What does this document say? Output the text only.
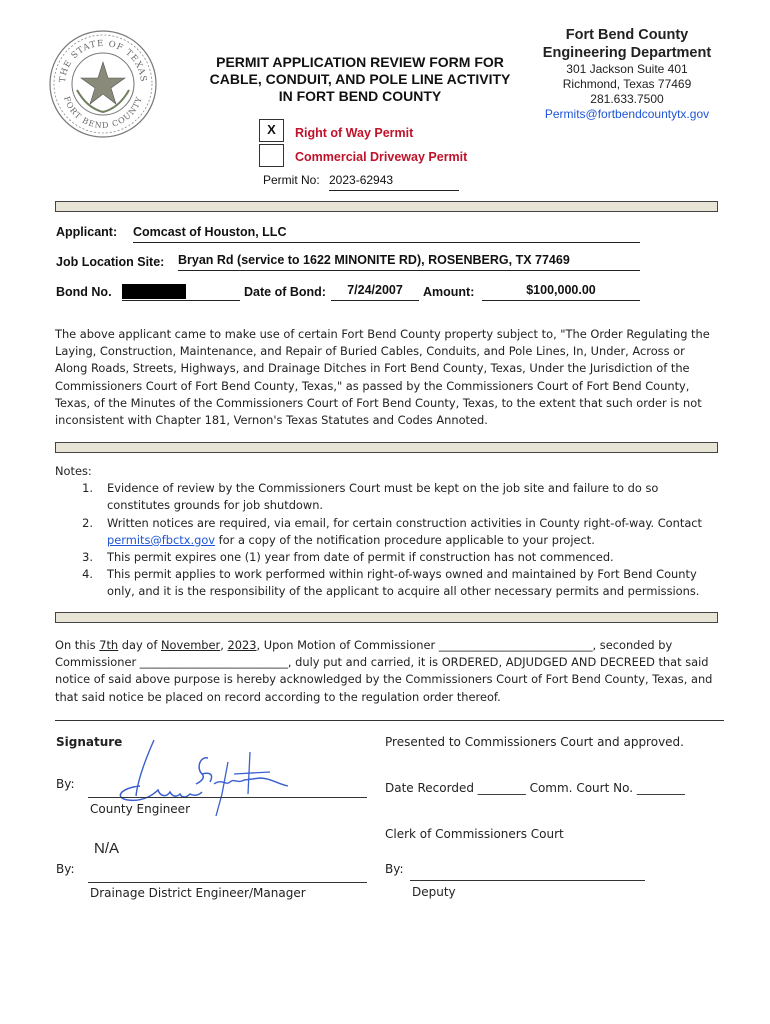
THE STATE OF TEXAS
FORT BEND COUNTY
PERMIT APPLICATION REVIEW FORM FOR
CABLE, CONDUIT, AND POLE LINE ACTIVITY
IN FORT BEND COUNTY
Fort Bend County
Engineering Department
301 Jackson Suite 401
Richmond, Texas 77469
281.633.7500
Permits@fortbendcountytx.gov
X	Right of Way Permit
Commercial Driveway Permit
Permit No: 2023-62943
Applicant: Comcast of Houston, LLC
Job Location Site: Bryan Rd (service to 1622 MINONITE RD), ROSENBERG, TX 77469
Bond No.	Date of Bond:	7/24/2007	Amount:	$100,000.00
The above applicant came to make use of certain Fort Bend County property subject to, "The Order Regulating the Laying, Construction, Maintenance, and Repair of Buried Cables, Conduits, and Pole Lines, In, Under, Across or Along Roads, Streets, Highways, and Drainage Ditches in Fort Bend County, Texas, Under the Jurisdiction of the Commissioners Court of Fort Bend County, Texas," as passed by the Commissioners Court of Fort Bend County, Texas, of the Minutes of the Commissioners Court of Fort Bend County, Texas, to the extent that such order is not inconsistent with Chapter 181, Vernon's Texas Statutes and Codes Annoted.
Notes:
1.	Evidence of review by the Commissioners Court must be kept on the job site and failure to do so constitutes grounds for job shutdown.
2.	Written notices are required, via email, for certain construction activities in County right-of-way. Contact permits@fbctx.gov for a copy of the notification procedure applicable to your project.
3.	This permit expires one (1) year from date of permit if construction has not commenced.
4.	This permit applies to work performed within right-of-ways owned and maintained by Fort Bend County only, and it is the responsibility of the applicant to acquire all other necessary permits and permissions.
On this 7th day of November, 2023, Upon Motion of Commissioner ___________________________, seconded by Commissioner __________________________, duly put and carried, it is ORDERED, ADJUDGED AND DECREED that said notice of said above purpose is hereby acknowledged by the Commissioners Court of Fort Bend County, Texas, and that said notice be placed on record according to the regulation order thereof.
Signature
By:
County Engineer
N/A
By:
Drainage District Engineer/Manager
Presented to Commissioners Court and approved.
Date Recorded ________ Comm. Court No. ________
Clerk of Commissioners Court
By:
Deputy
